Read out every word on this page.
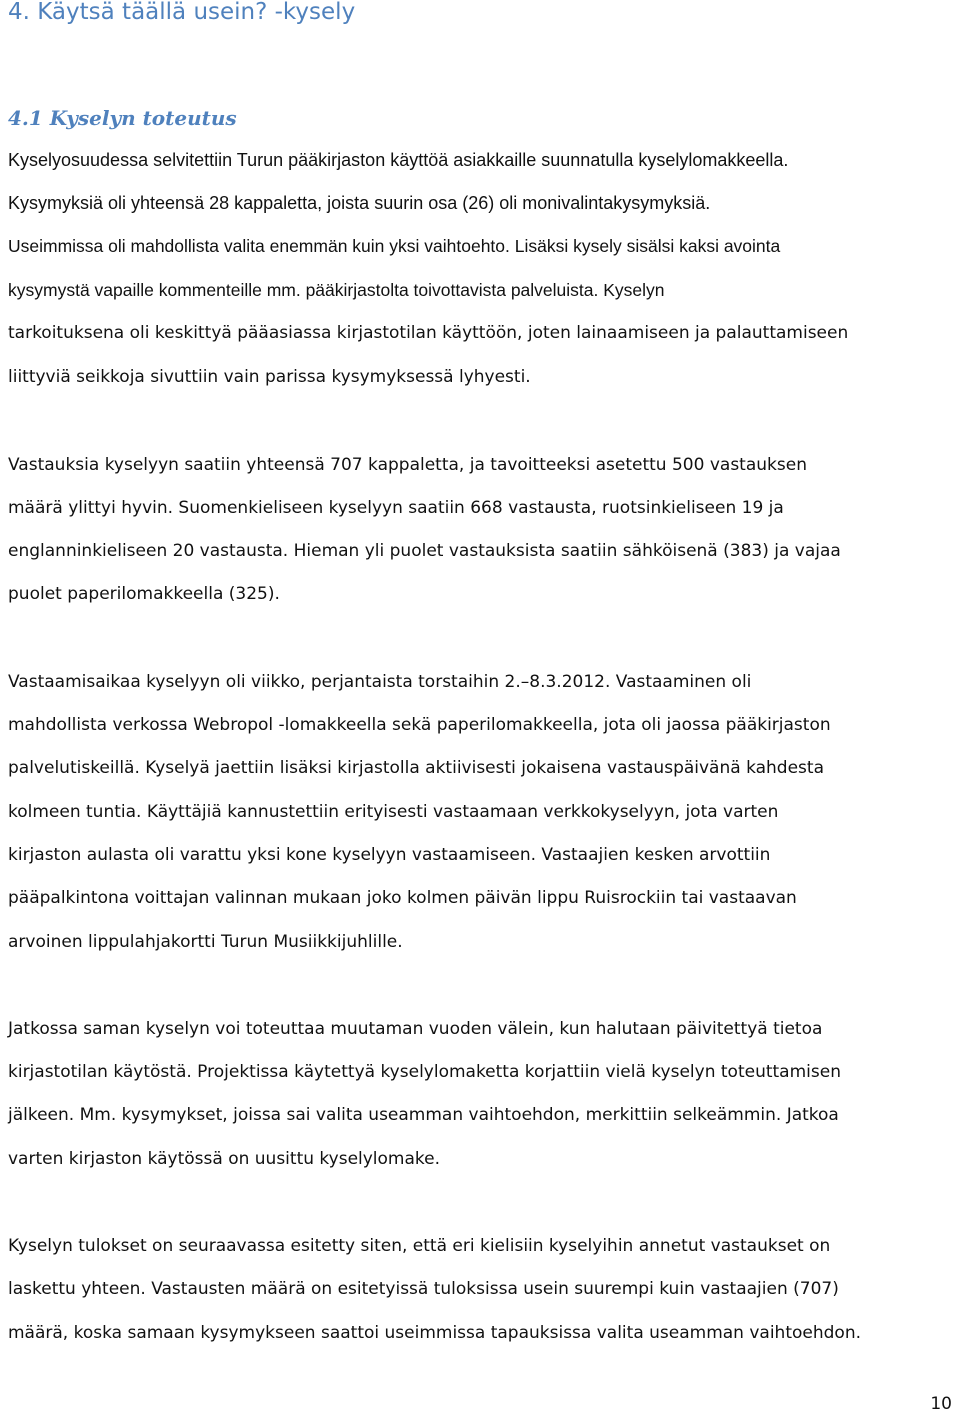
4. Käytsä täällä usein? -kysely
4.1 Kyselyn toteutus

Kyselyosuudessa selvitettiin Turun pääkirjaston käyttöä asiakkaille suunnatulla kyselylomakkeella.

Kysymyksiä oli yhteensä 28 kappaletta, joista suurin osa (26) oli monivalintakysymyksiä.

Useimmissa oli mahdollista valita enemmän kuin yksi vaihtoehto. Lisäksi kysely sisälsi kaksi avointa

kysymystä vapaille kommenteille mm. pääkirjastolta toivottavista palveluista. Kyselyn

tarkoituksena oli keskittyä pääasiassa kirjastotilan käyttöön, joten lainaamiseen ja palauttamiseen

liittyviä seikkoja sivuttiin vain parissa kysymyksessä lyhyesti.

Vastauksia kyselyyn saatiin yhteensä 707 kappaletta, ja tavoitteeksi asetettu 500 vastauksen

määrä ylittyi hyvin. Suomenkieliseen kyselyyn saatiin 668 vastausta, ruotsinkieliseen 19 ja

englanninkieliseen 20 vastausta. Hieman yli puolet vastauksista saatiin sähköisenä (383) ja vajaa

puolet paperilomakkeella (325).

Vastaamisaikaa kyselyyn oli viikko, perjantaista torstaihin 2.–8.3.2012. Vastaaminen oli

mahdollista verkossa Webropol -lomakkeella sekä paperilomakkeella, jota oli jaossa pääkirjaston

palvelutiskeillä. Kyselyä jaettiin lisäksi kirjastolla aktiivisesti jokaisena vastauspäivänä kahdesta

kolmeen tuntia. Käyttäjiä kannustettiin erityisesti vastaamaan verkkokyselyyn, jota varten

kirjaston aulasta oli varattu yksi kone kyselyyn vastaamiseen. Vastaajien kesken arvottiin

pääpalkintona voittajan valinnan mukaan joko kolmen päivän lippu Ruisrockiin tai vastaavan

arvoinen lippulahjakortti Turun Musiikkijuhlille.

Jatkossa saman kyselyn voi toteuttaa muutaman vuoden välein, kun halutaan päivitettyä tietoa

kirjastotilan käytöstä. Projektissa käytettyä kyselylomaketta korjattiin vielä kyselyn toteuttamisen

jälkeen. Mm. kysymykset, joissa sai valita useamman vaihtoehdon, merkittiin selkeämmin. Jatkoa

varten kirjaston käytössä on uusittu kyselylomake.

Kyselyn tulokset on seuraavassa esitetty siten, että eri kielisiin kyselyihin annetut vastaukset on

laskettu yhteen. Vastausten määrä on esitetyissä tuloksissa usein suurempi kuin vastaajien (707)

määrä, koska samaan kysymykseen saattoi useimmissa tapauksissa valita useamman vaihtoehdon.

10
